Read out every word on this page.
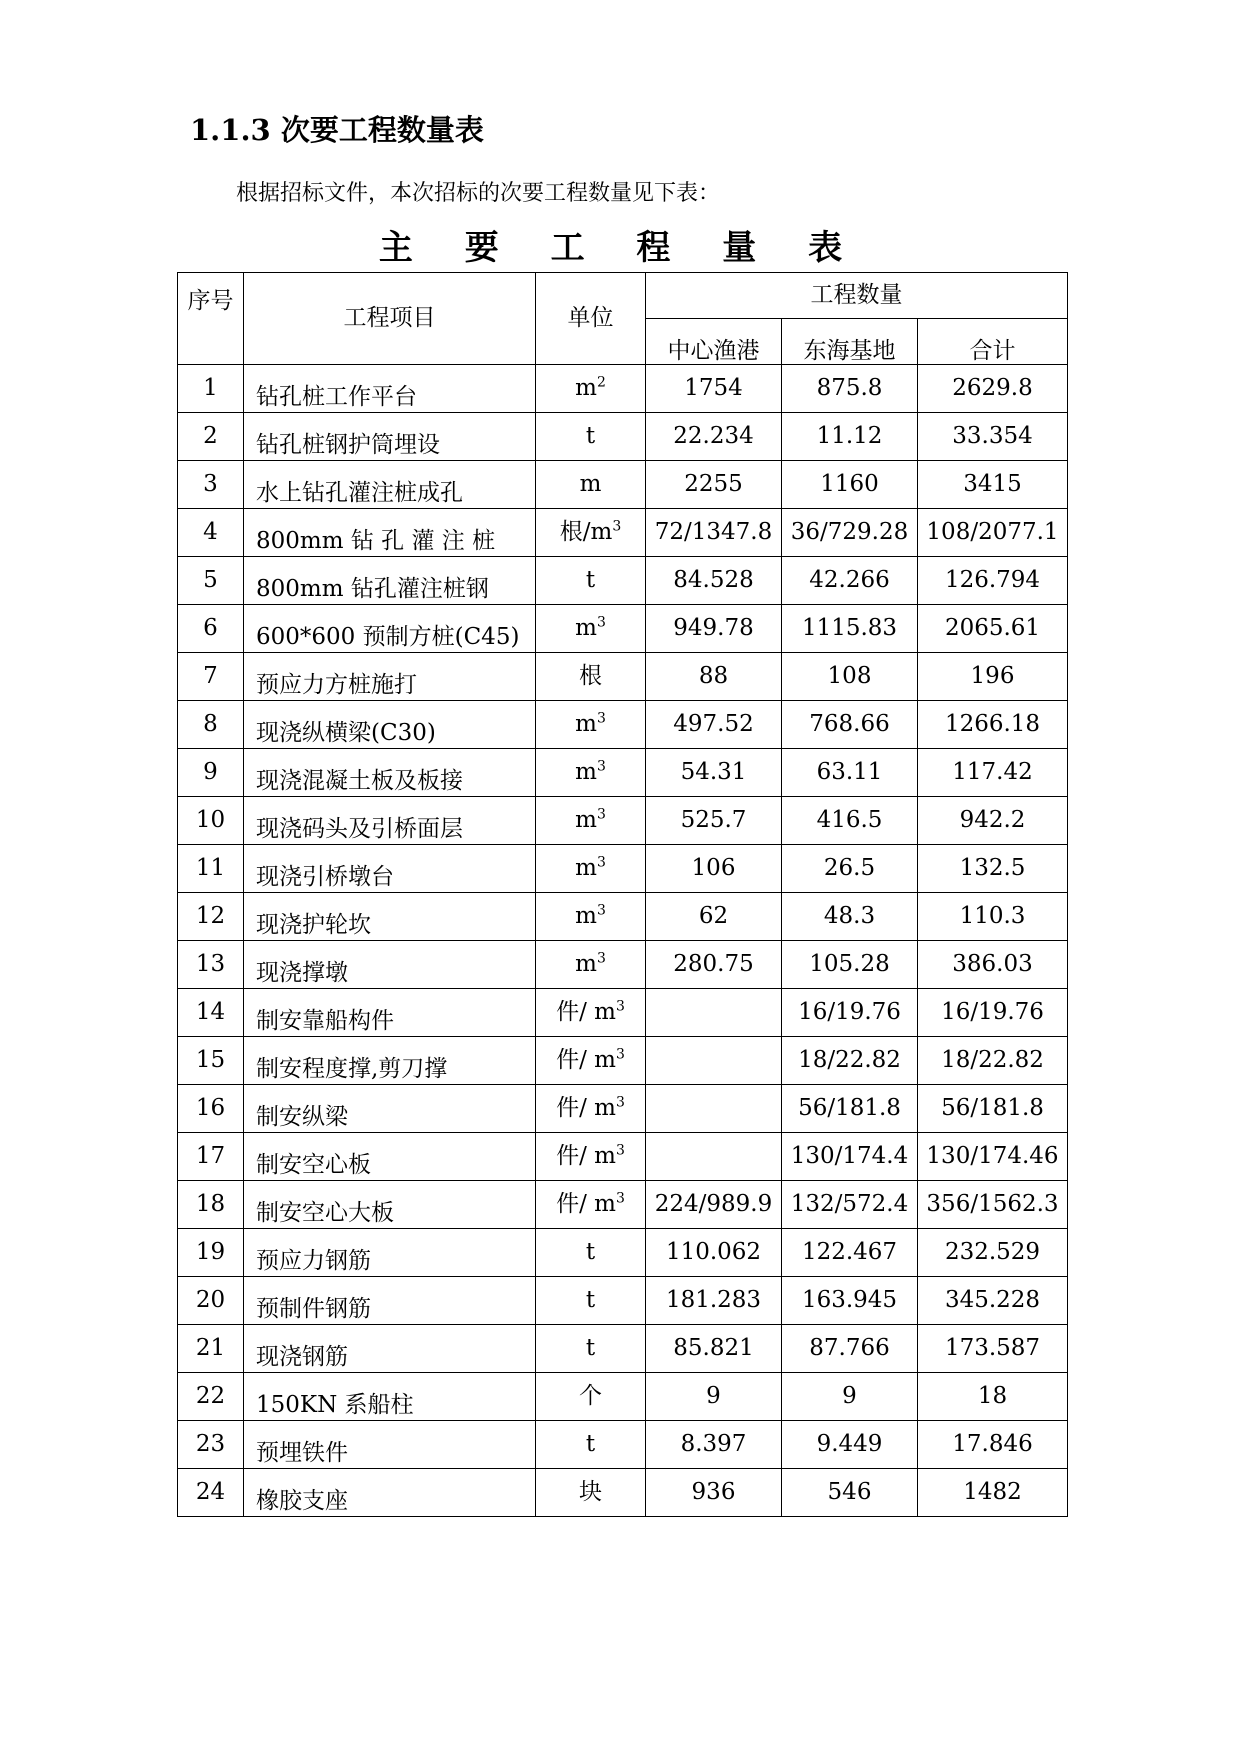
1.1.3 次要工程数量表
根据招标文件，本次招标的次要工程数量见下表：
主 要 工 程 量 表
序号	工程项目	单位	工程数量		
			中心渔港	东海基地	合计
1	钻孔桩工作平台	$m^2$	1754	875.8	2629.8
2	钻孔桩钢护筒埋设	t	22.234	11.12	33.354
3	水上钻孔灌注桩成孔	m	2255	1160	3415
4	800mm 钻 孔 灌 注 桩	根$/m^3$	72/1347.8	36/729.28	108/2077.1
5	800mm 钻孔灌注桩钢	t	84.528	42.266	126.794
6	600*600 预制方桩(C45)	$m^3$	949.78	1115.83	2065.61
7	预应力方桩施打	根	88	108	196
8	现浇纵横梁(C30)	$m^3$	497.52	768.66	1266.18
9	现浇混凝土板及板接	$m^3$	54.31	63.11	117.42
10	现浇码头及引桥面层	$m^3$	525.7	416.5	942.2
11	现浇引桥墩台	$m^3$	106	26.5	132.5
12	现浇护轮坎	$m^3$	62	48.3	110.3
13	现浇撑墩	$m^3$	280.75	105.28	386.03
14	制安靠船构件	件/ $m^3$		16/19.76	16/19.76
15	制安程度撑,剪刀撑	件/ $m^3$		18/22.82	18/22.82
16	制安纵梁	件/ $m^3$		56/181.8	56/181.8
17	制安空心板	件/ $m^3$		130/174.4	130/174.46
18	制安空心大板	件/ $m^3$	224/989.9	132/572.4	356/1562.3
19	预应力钢筋	t	110.062	122.467	232.529
20	预制件钢筋	t	181.283	163.945	345.228
21	现浇钢筋	t	85.821	87.766	173.587
22	150KN 系船柱	个	9	9	18
23	预埋铁件	t	8.397	9.449	17.846
24	橡胶支座	块	936	546	1482
